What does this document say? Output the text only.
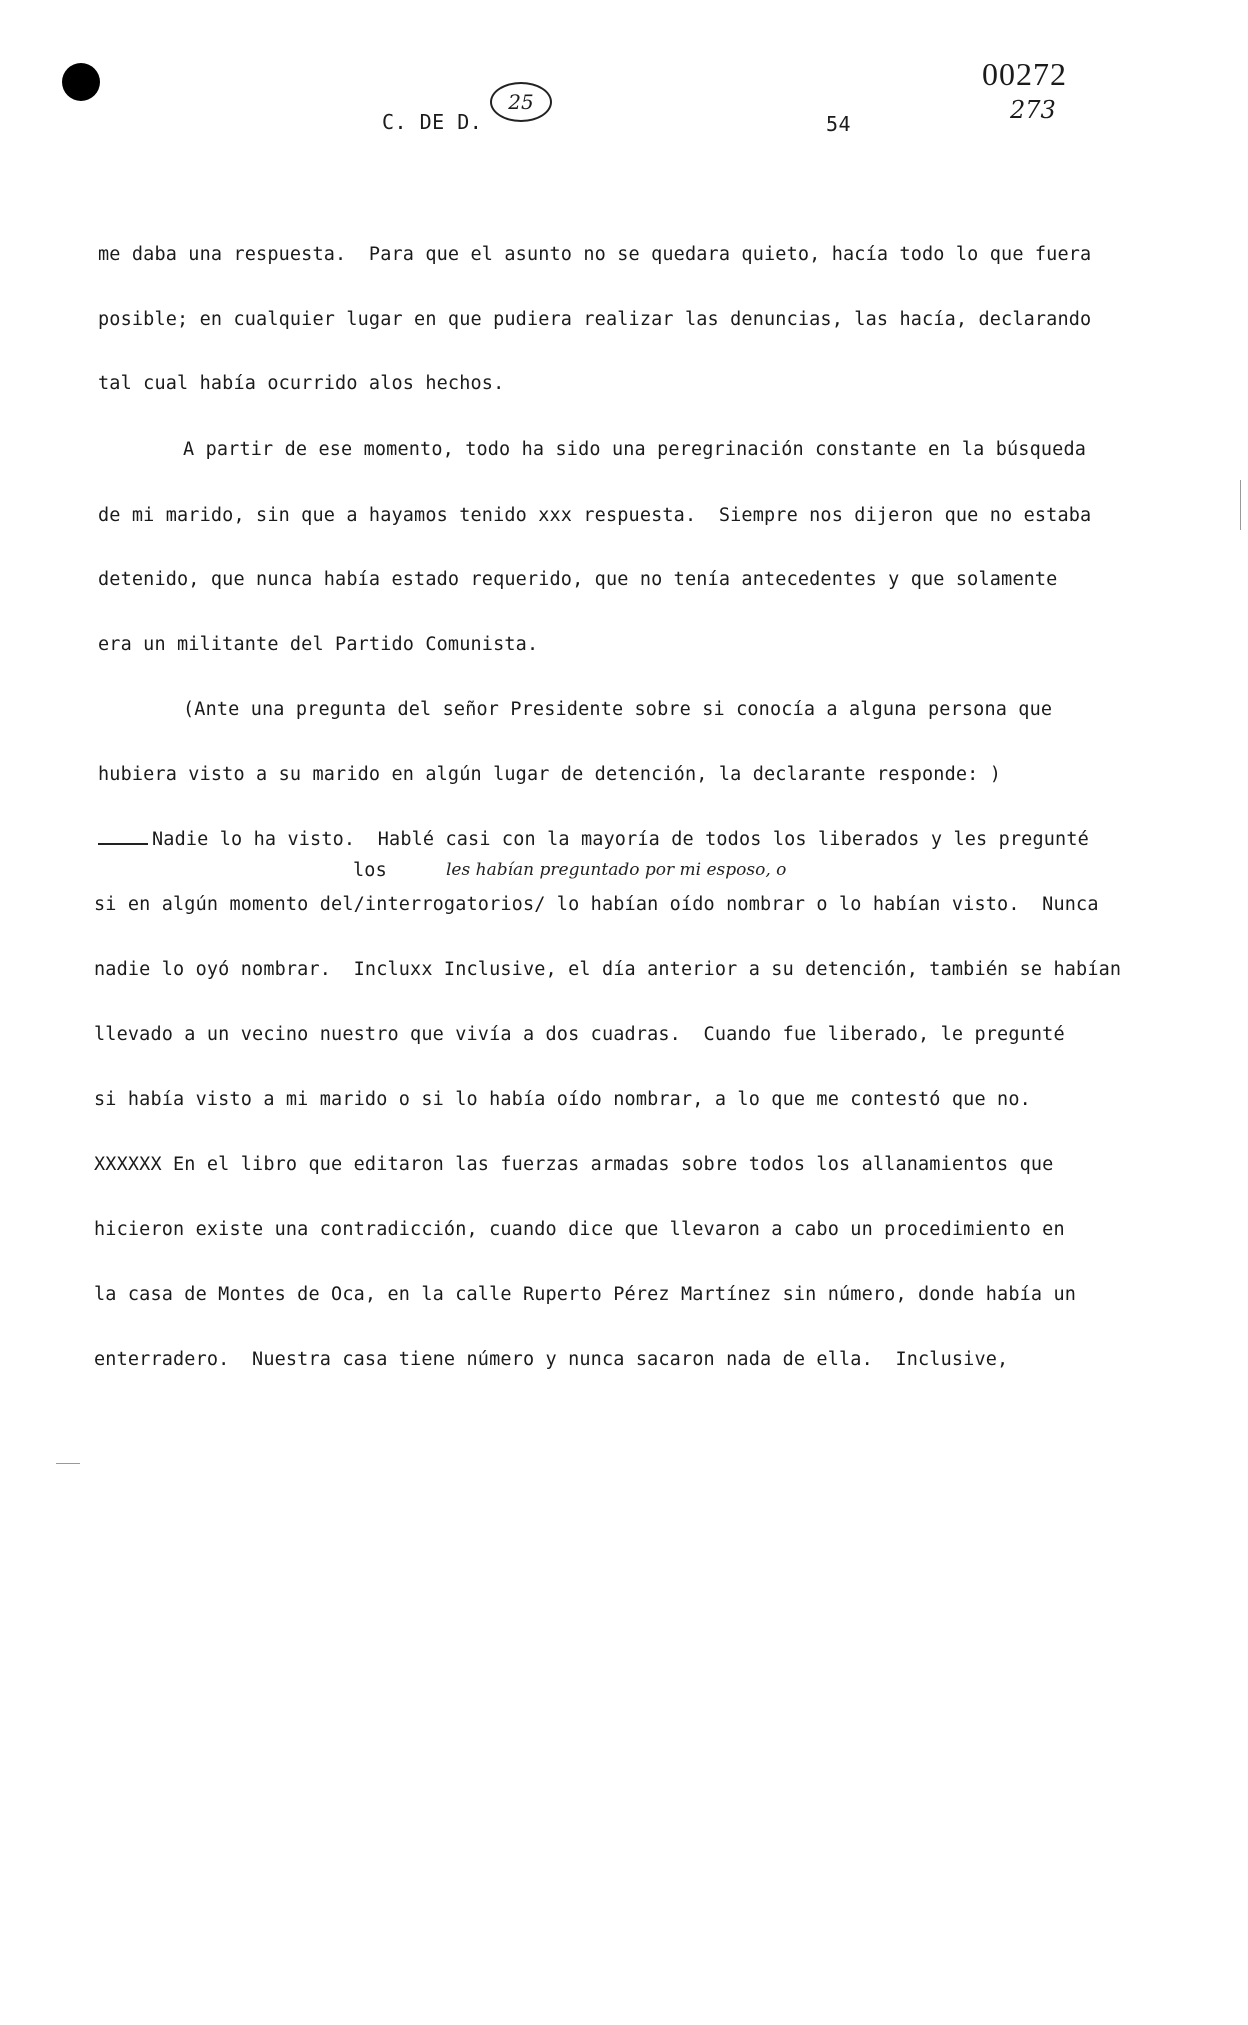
C. DE D.
25
54
00272
273
me daba una respuesta.  Para que el asunto no se quedara quieto, hacía todo lo que fuera
posible; en cualquier lugar en que pudiera realizar las denuncias, las hacía, declarando
tal cual había ocurrido alos hechos.
A partir de ese momento, todo ha sido una peregrinación constante en la búsqueda
de mi marido, sin que a hayamos tenido xxx respuesta.  Siempre nos dijeron que no estaba
detenido, que nunca había estado requerido, que no tenía antecedentes y que solamente
era un militante del Partido Comunista.
(Ante una pregunta del señor Presidente sobre si conocía a alguna persona que
hubiera visto a su marido en algún lugar de detención, la declarante responde: )
Nadie lo ha visto.  Hablé casi con la mayoría de todos los liberados y les pregunté
los	les habían preguntado por mi esposo, o
si en algún momento del/interrogatorios/ lo habían oído nombrar o lo habían visto.  Nunca
nadie lo oyó nombrar.  Incluxx Inclusive, el día anterior a su detención, también se habían
llevado a un vecino nuestro que vivía a dos cuadras.  Cuando fue liberado, le pregunté
si había visto a mi marido o si lo había oído nombrar, a lo que me contestó que no.
XXXXXX En el libro que editaron las fuerzas armadas sobre todos los allanamientos que
hicieron existe una contradicción, cuando dice que llevaron a cabo un procedimiento en
la casa de Montes de Oca, en la calle Ruperto Pérez Martínez sin número, donde había un
enterradero.  Nuestra casa tiene número y nunca sacaron nada de ella.  Inclusive,
